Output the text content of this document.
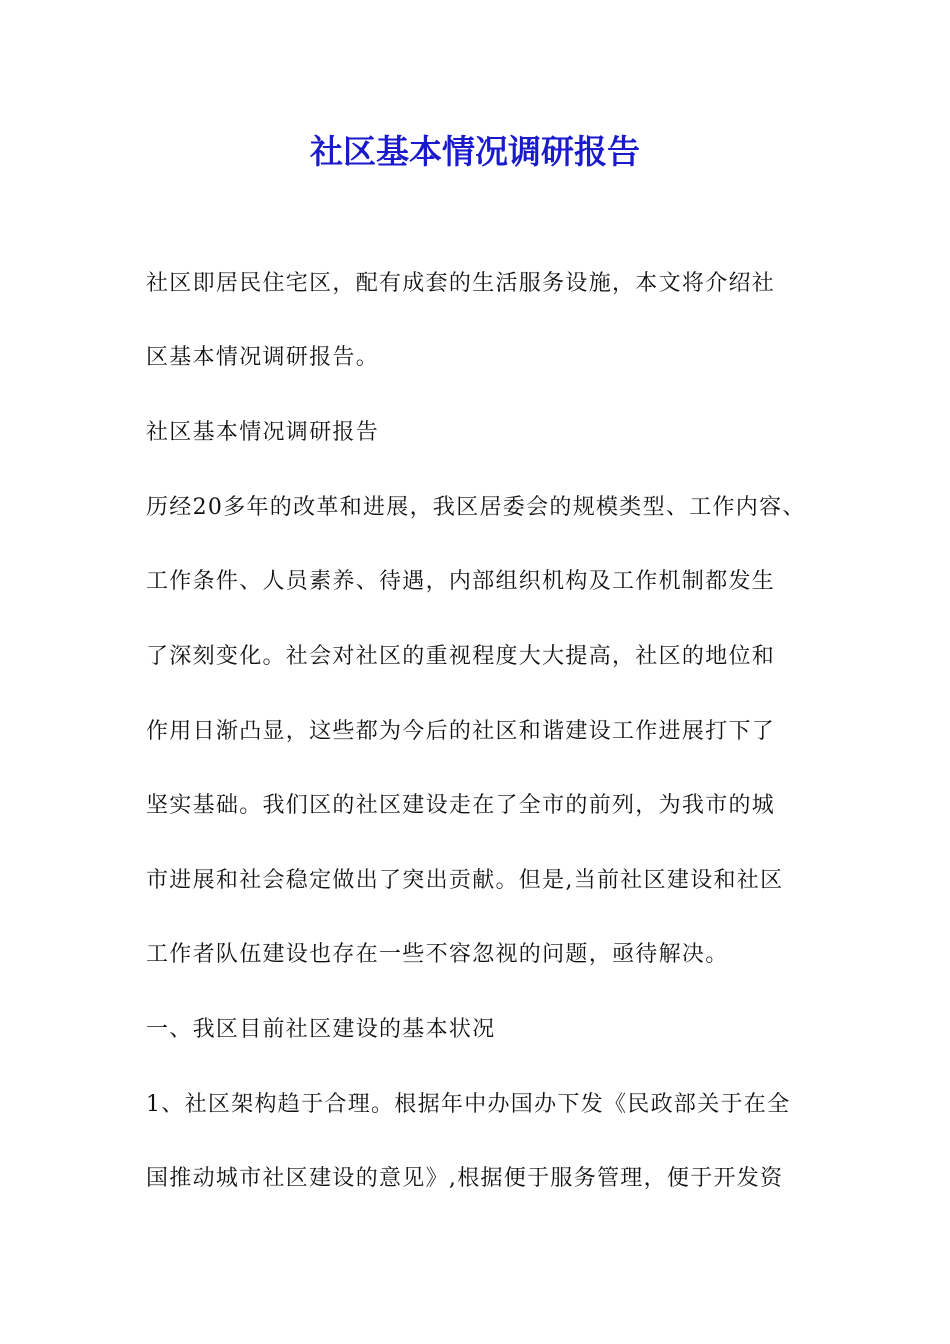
社区基本情况调研报告

社区即居民住宅区，配有成套的生活服务设施，本文将介绍社

区基本情况调研报告。

社区基本情况调研报告

历经20多年的改革和进展，我区居委会的规模类型、工作内容、

工作条件、人员素养、待遇，内部组织机构及工作机制都发生

了深刻变化。社会对社区的重视程度大大提高，社区的地位和

作用日渐凸显，这些都为今后的社区和谐建设工作进展打下了

坚实基础。我们区的社区建设走在了全市的前列，为我市的城

市进展和社会稳定做出了突出贡献。但是,当前社区建设和社区

工作者队伍建设也存在一些不容忽视的问题，亟待解决。

一、我区目前社区建设的基本状况

1、社区架构趋于合理。根据年中办国办下发《民政部关于在全

国推动城市社区建设的意见》,根据便于服务管理，便于开发资
